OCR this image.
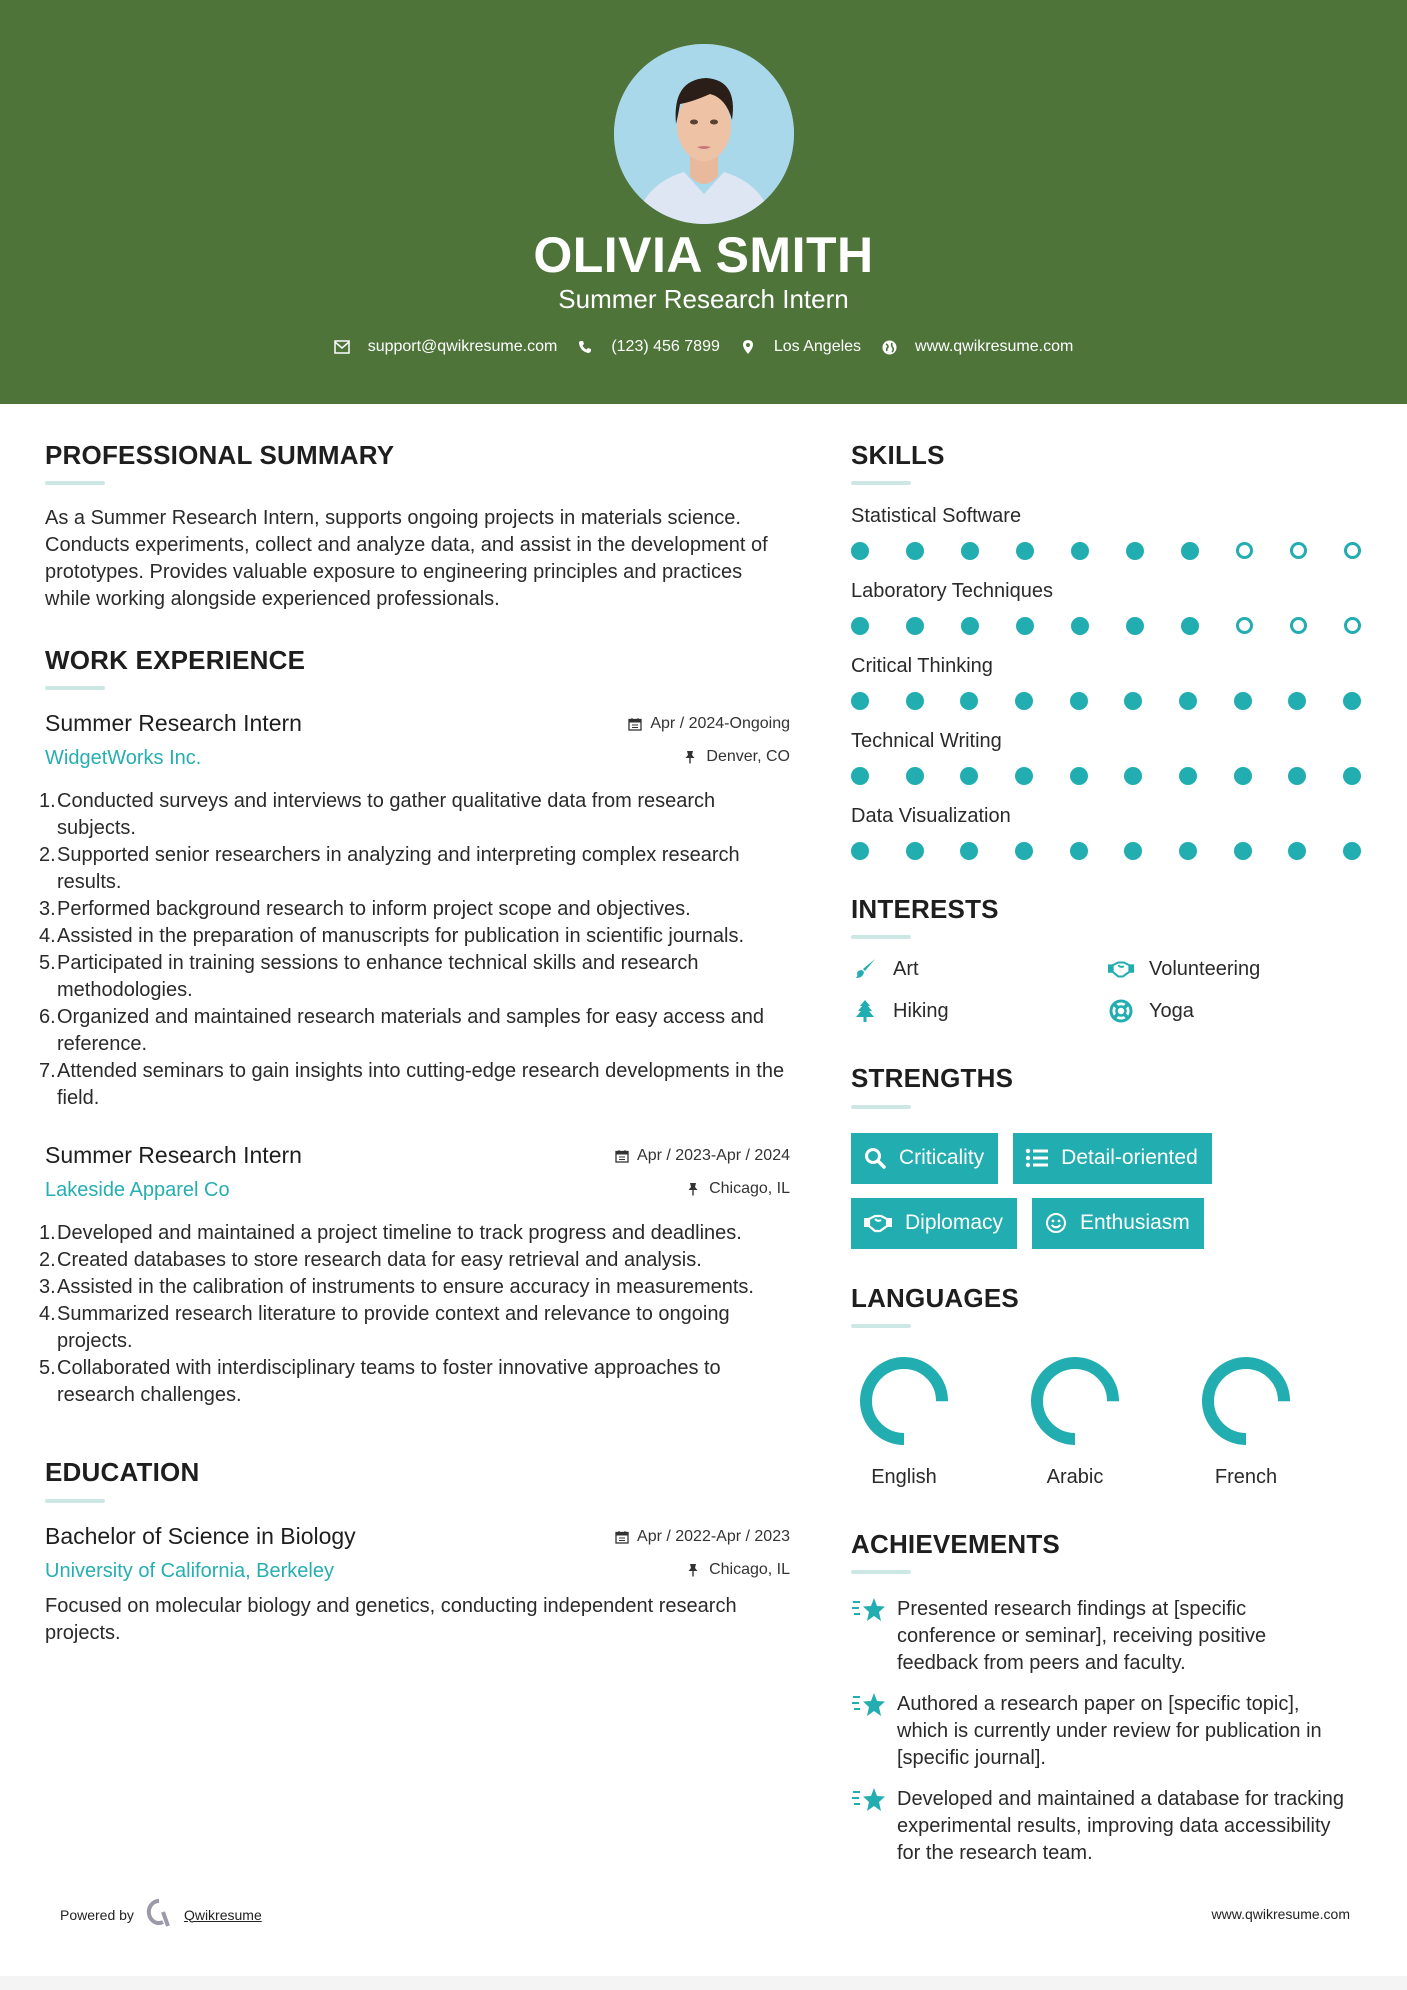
OLIVIA SMITH
Summer Research Intern
support@qwikresume.com	(123) 456 7899	Los Angeles	www.qwikresume.com
PROFESSIONAL SUMMARY

As a Summer Research Intern, supports ongoing projects in materials science. Conducts experiments, collect and analyze data, and assist in the development of prototypes. Provides valuable exposure to engineering principles and practices while working alongside experienced professionals.

WORK EXPERIENCE
Summer Research Intern	Apr / 2024-Ongoing
WidgetWorks Inc.	Denver, CO
1.Conducted surveys and interviews to gather qualitative data from research subjects.
2.Supported senior researchers in analyzing and interpreting complex research results.
3.Performed background research to inform project scope and objectives.
4.Assisted in the preparation of manuscripts for publication in scientific journals.
5.Participated in training sessions to enhance technical skills and research methodologies.
6.Organized and maintained research materials and samples for easy access and reference.
7.Attended seminars to gain insights into cutting-edge research developments in the field.
Summer Research Intern	Apr / 2023-Apr / 2024
Lakeside Apparel Co	Chicago, IL
1.Developed and maintained a project timeline to track progress and deadlines.
2.Created databases to store research data for easy retrieval and analysis.
3.Assisted in the calibration of instruments to ensure accuracy in measurements.
4.Summarized research literature to provide context and relevance to ongoing projects.
5.Collaborated with interdisciplinary teams to foster innovative approaches to research challenges.
EDUCATION
Bachelor of Science in Biology	Apr / 2022-Apr / 2023
University of California, Berkeley	Chicago, IL

Focused on molecular biology and genetics, conducting independent research projects.

SKILLS
Statistical Software
Laboratory Techniques
Critical Thinking
Technical Writing
Data Visualization
INTERESTS
Art	Volunteering
Hiking	Yoga
STRENGTHS
Criticality	Detail-oriented
Diplomacy	Enthusiasm
LANGUAGES
English	Arabic	French
ACHIEVEMENTS
Presented research findings at [specific conference or seminar], receiving positive feedback from peers and faculty.
Authored a research paper on [specific topic], which is currently under review for publication in [specific journal].
Developed and maintained a database for tracking experimental results, improving data accessibility for the research team.
Powered by	Qwikresume	www.qwikresume.com
